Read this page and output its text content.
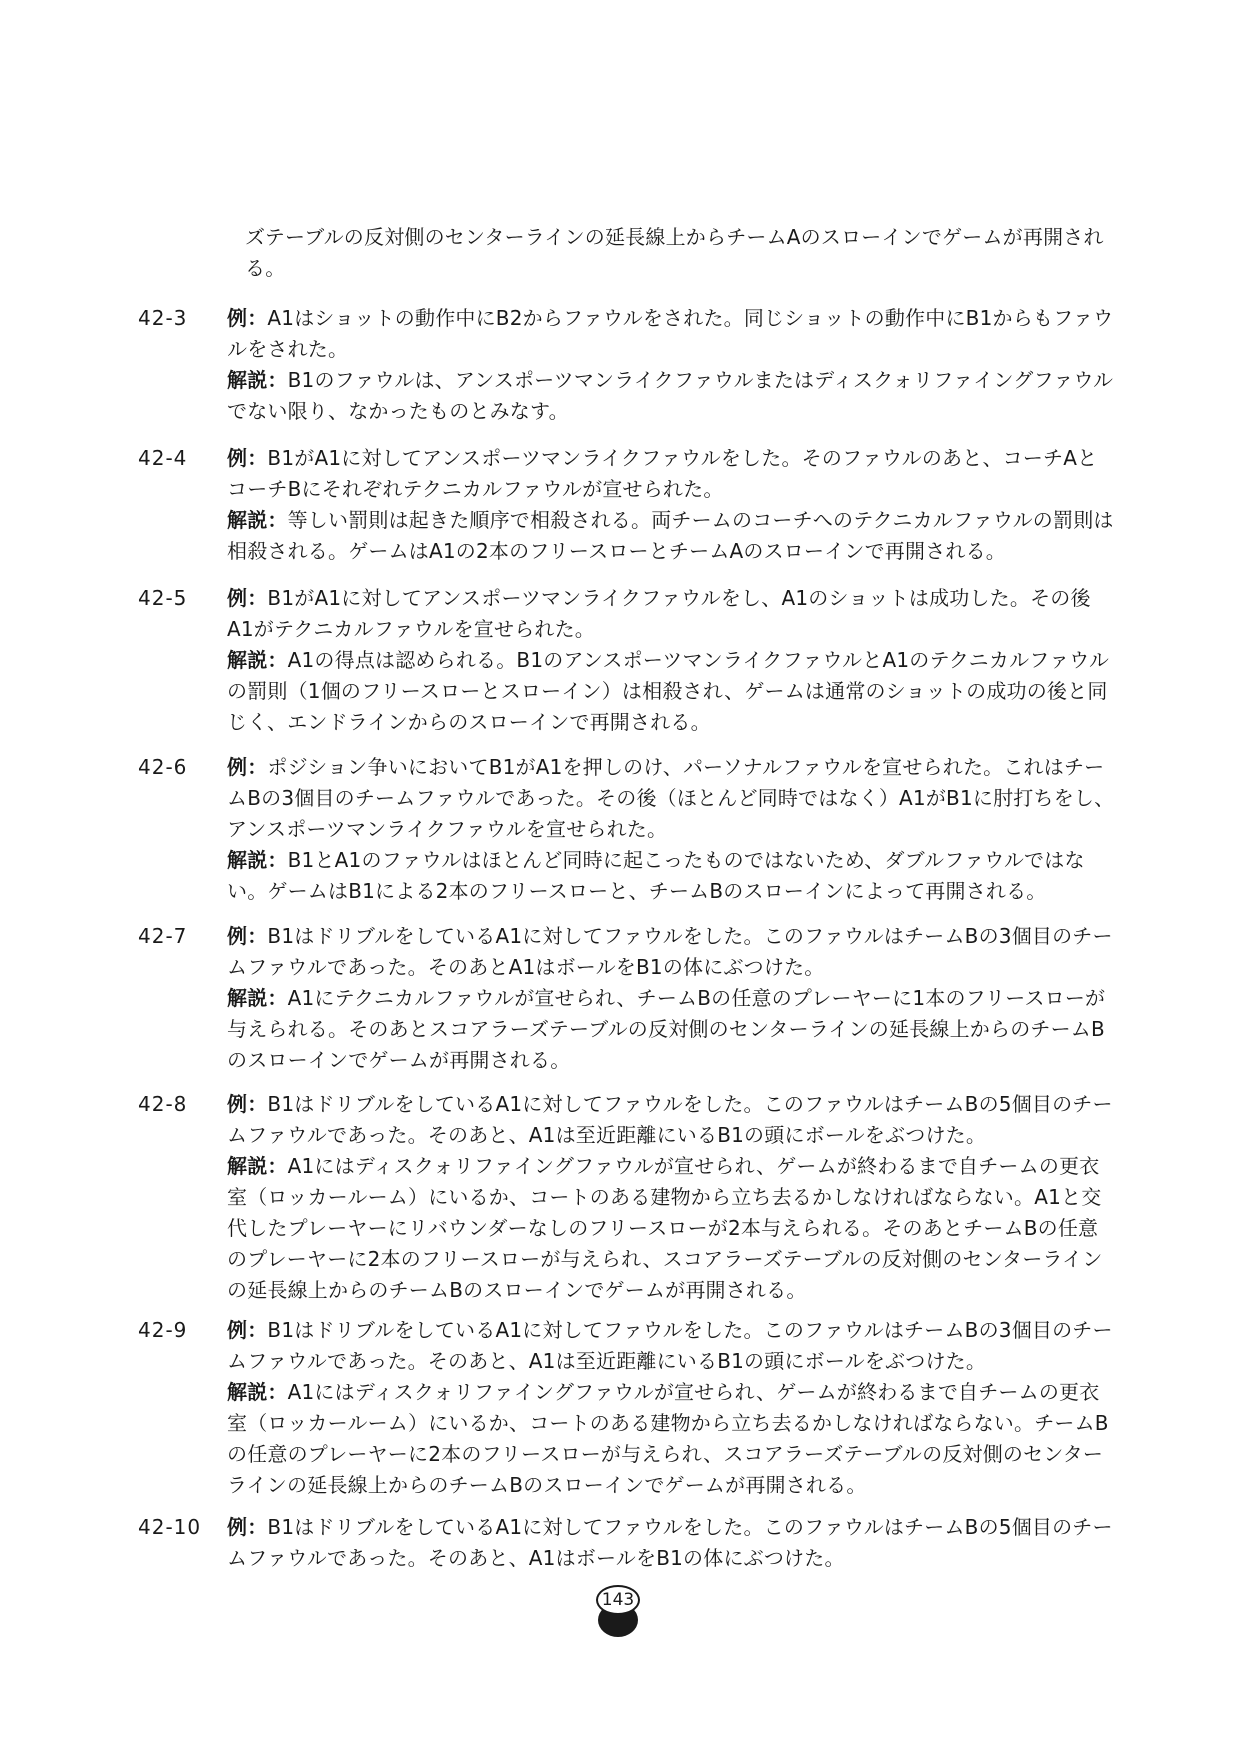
ズテーブルの反対側のセンターラインの延長線上からチームAのスローインでゲームが再開される。
42-3	例：A1はショットの動作中にB2からファウルをされた。同じショットの動作中にB1からもファウルをされた。

解説：B1のファウルは、アンスポーツマンライクファウルまたはディスクォリファイングファウルでない限り、なかったものとみなす。

42-4	例：B1がA1に対してアンスポーツマンライクファウルをした。そのファウルのあと、コーチAとコーチBにそれぞれテクニカルファウルが宣せられた。

解説：等しい罰則は起きた順序で相殺される。両チームのコーチへのテクニカルファウルの罰則は相殺される。ゲームはA1の2本のフリースローとチームAのスローインで再開される。

42-5	例：B1がA1に対してアンスポーツマンライクファウルをし、A1のショットは成功した。その後A1がテクニカルファウルを宣せられた。

解説：A1の得点は認められる。B1のアンスポーツマンライクファウルとA1のテクニカルファウルの罰則（1個のフリースローとスローイン）は相殺され、ゲームは通常のショットの成功の後と同じく、エンドラインからのスローインで再開される。

42-6	例：ポジション争いにおいてB1がA1を押しのけ、パーソナルファウルを宣せられた。これはチームBの3個目のチームファウルであった。その後（ほとんど同時ではなく）A1がB1に肘打ちをし、アンスポーツマンライクファウルを宣せられた。

解説：B1とA1のファウルはほとんど同時に起こったものではないため、ダブルファウルではない。ゲームはB1による2本のフリースローと、チームBのスローインによって再開される。

42-7	例：B1はドリブルをしているA1に対してファウルをした。このファウルはチームBの3個目のチームファウルであった。そのあとA1はボールをB1の体にぶつけた。

解説：A1にテクニカルファウルが宣せられ、チームBの任意のプレーヤーに1本のフリースローが与えられる。そのあとスコアラーズテーブルの反対側のセンターラインの延長線上からのチームBのスローインでゲームが再開される。

42-8	例：B1はドリブルをしているA1に対してファウルをした。このファウルはチームBの5個目のチームファウルであった。そのあと、A1は至近距離にいるB1の頭にボールをぶつけた。

解説：A1にはディスクォリファイングファウルが宣せられ、ゲームが終わるまで自チームの更衣室（ロッカールーム）にいるか、コートのある建物から立ち去るかしなければならない。A1と交代したプレーヤーにリバウンダーなしのフリースローが2本与えられる。そのあとチームBの任意のプレーヤーに2本のフリースローが与えられ、スコアラーズテーブルの反対側のセンターラインの延長線上からのチームBのスローインでゲームが再開される。

42-9	例：B1はドリブルをしているA1に対してファウルをした。このファウルはチームBの3個目のチームファウルであった。そのあと、A1は至近距離にいるB1の頭にボールをぶつけた。

解説：A1にはディスクォリファイングファウルが宣せられ、ゲームが終わるまで自チームの更衣室（ロッカールーム）にいるか、コートのある建物から立ち去るかしなければならない。チームBの任意のプレーヤーに2本のフリースローが与えられ、スコアラーズテーブルの反対側のセンターラインの延長線上からのチームBのスローインでゲームが再開される。

42-10	例：B1はドリブルをしているA1に対してファウルをした。このファウルはチームBの5個目のチームファウルであった。そのあと、A1はボールをB1の体にぶつけた。

143
